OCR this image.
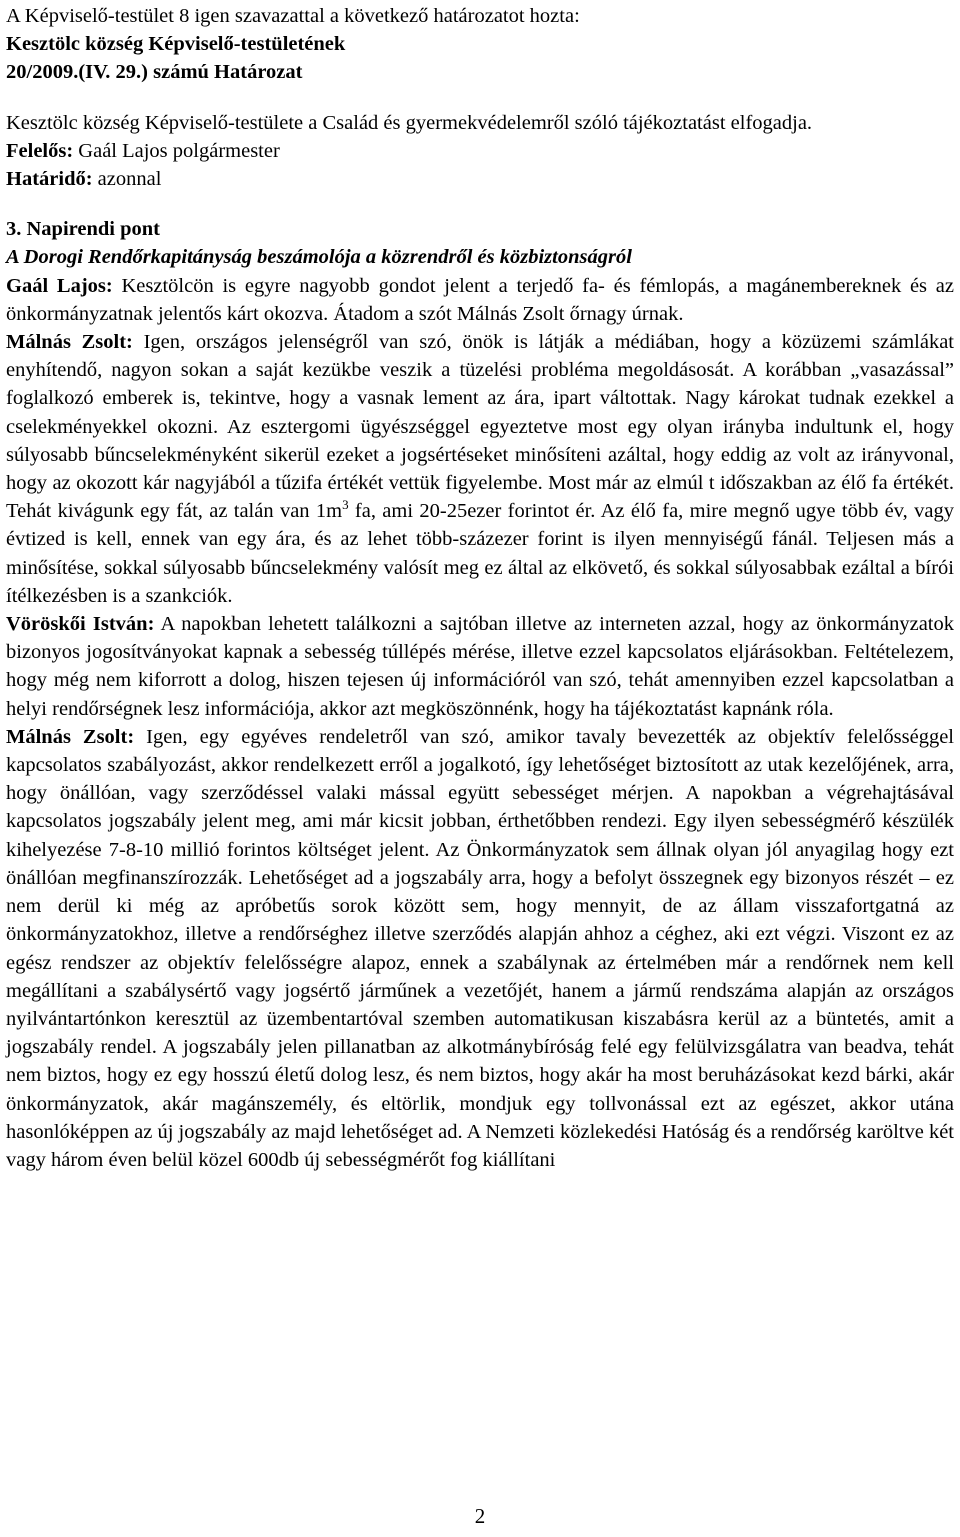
A Képviselő-testület 8 igen szavazattal a következő határozatot hozta:

Kesztölc község Képviselő-testületének

20/2009.(IV. 29.) számú Határozat

Kesztölc község Képviselő-testülete a Család és gyermekvédelemről szóló tájékoztatást elfogadja.

Felelős: Gaál Lajos polgármester

Határidő: azonnal

3. Napirendi pont

A Dorogi Rendőrkapitányság beszámolója a közrendről és közbiztonságról

Gaál Lajos: Kesztölcön is egyre nagyobb gondot jelent a terjedő fa- és fémlopás, a magánembereknek és az önkormányzatnak jelentős kárt okozva. Átadom a szót Málnás Zsolt őrnagy úrnak.

Málnás Zsolt: Igen, országos jelenségről van szó, önök is látják a médiában, hogy a közüzemi számlákat enyhítendő, nagyon sokan a saját kezükbe veszik a tüzelési probléma megoldásosát. A korábban „vasazással” foglalkozó emberek is, tekintve, hogy a vasnak lement az ára, ipart váltottak. Nagy károkat tudnak ezekkel a cselekményekkel okozni. Az esztergomi ügyészséggel egyeztetve most egy olyan irányba indultunk el, hogy súlyosabb bűncselekményként sikerül ezeket a jogsértéseket minősíteni azáltal, hogy eddig az volt az irányvonal, hogy az okozott kár nagyjából a tűzifa értékét vettük figyelembe. Most már az elmúl t időszakban az élő fa értékét. Tehát kivágunk egy fát, az talán van $1m^3$ fa, ami 20-25ezer forintot ér. Az élő fa, mire megnő ugye több év, vagy évtized is kell, ennek van egy ára, és az lehet több-százezer forint is ilyen mennyiségű fánál. Teljesen más a minősítése, sokkal súlyosabb bűncselekmény valósít meg ez által az elkövető, és sokkal súlyosabbak ezáltal a bírói ítélkezésben is a szankciók.

Vöröskői István: A napokban lehetett találkozni a sajtóban illetve az interneten azzal, hogy az önkormányzatok bizonyos jogosítványokat kapnak a sebesség túllépés mérése, illetve ezzel kapcsolatos eljárásokban. Feltételezem, hogy még nem kiforrott a dolog, hiszen tejesen új információról van szó, tehát amennyiben ezzel kapcsolatban a helyi rendőrségnek lesz információja, akkor azt megköszönnénk, hogy ha tájékoztatást kapnánk róla.

Málnás Zsolt: Igen, egy egyéves rendeletről van szó, amikor tavaly bevezették az objektív felelősséggel kapcsolatos szabályozást, akkor rendelkezett erről a jogalkotó, így lehetőséget biztosított az utak kezelőjének, arra, hogy önállóan, vagy szerződéssel valaki mással együtt sebességet mérjen. A napokban a végrehajtásával kapcsolatos jogszabály jelent meg, ami már kicsit jobban, érthetőbben rendezi. Egy ilyen sebességmérő készülék kihelyezése 7-8-10 millió forintos költséget jelent. Az Önkormányzatok sem állnak olyan jól anyagilag hogy ezt önállóan megfinanszírozzák. Lehetőséget ad a jogszabály arra, hogy a befolyt összegnek egy bizonyos részét – ez nem derül ki még az apróbetűs sorok között sem, hogy mennyit, de az állam visszafortgatná az önkormányzatokhoz, illetve a rendőrséghez illetve szerződés alapján ahhoz a céghez, aki ezt végzi. Viszont ez az egész rendszer az objektív felelősségre alapoz, ennek a szabálynak az értelmében már a rendőrnek nem kell megállítani a szabálysértő vagy jogsértő járműnek a vezetőjét, hanem a jármű rendszáma alapján az országos nyilvántartónkon keresztül az üzembentartóval szemben automatikusan kiszabásra kerül az a büntetés, amit a jogszabály rendel. A jogszabály jelen pillanatban az alkotmánybíróság felé egy felülvizsgálatra van beadva, tehát nem biztos, hogy ez egy hosszú életű dolog lesz, és nem biztos, hogy akár ha most beruházásokat kezd bárki, akár önkormányzatok, akár magánszemély, és eltörlik, mondjuk egy tollvonással ezt az egészet, akkor utána hasonlóképpen az új jogszabály az majd lehetőséget ad. A Nemzeti közlekedési Hatóság és a rendőrség karöltve két vagy három éven belül közel 600db új sebességmérőt fog kiállítani

2
